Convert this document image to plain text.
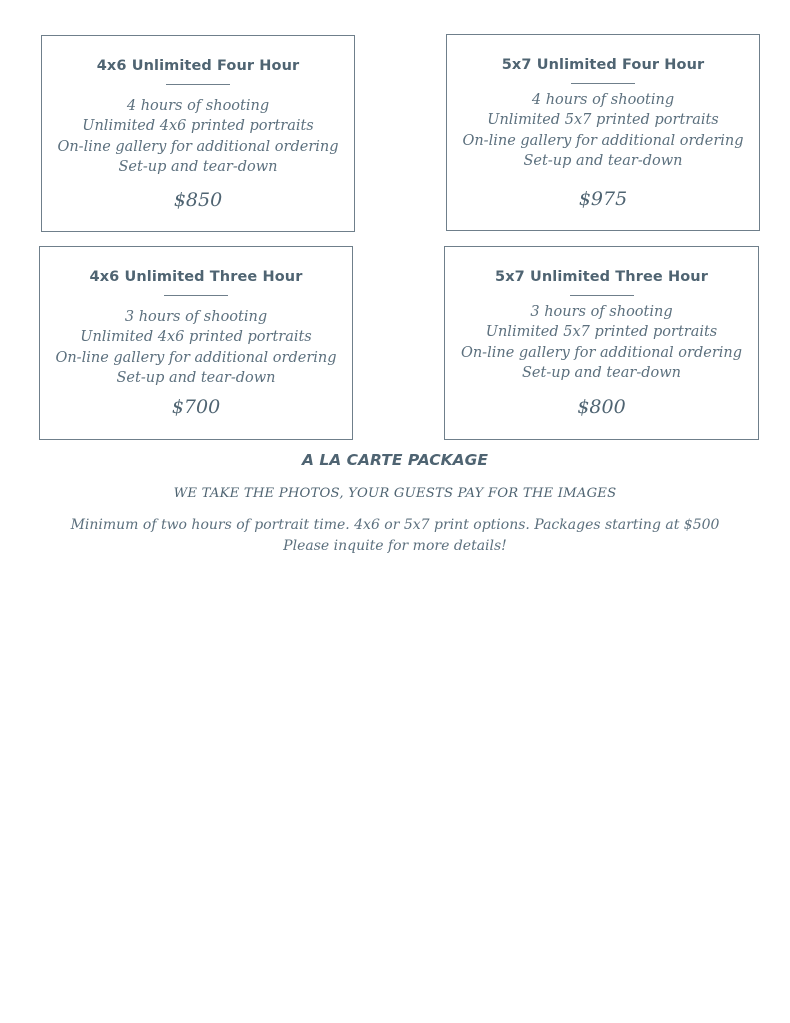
4x6 Unlimited Four Hour
4 hours of shooting
Unlimited 4x6 printed portraits
On-line gallery for additional ordering
Set-up and tear-down
$850
5x7 Unlimited Four Hour
4 hours of shooting
Unlimited 5x7 printed portraits
On-line gallery for additional ordering
Set-up and tear-down
$975
4x6 Unlimited Three Hour
3 hours of shooting
Unlimited 4x6 printed portraits
On-line gallery for additional ordering
Set-up and tear-down
$700
5x7 Unlimited Three Hour
3 hours of shooting
Unlimited 5x7 printed portraits
On-line gallery for additional ordering
Set-up and tear-down
$800
A LA CARTE PACKAGE
WE TAKE THE PHOTOS, YOUR GUESTS PAY FOR THE IMAGES
Minimum of two hours of portrait time. 4x6 or 5x7 print options. Packages starting at $500
Please inquite for more details!
